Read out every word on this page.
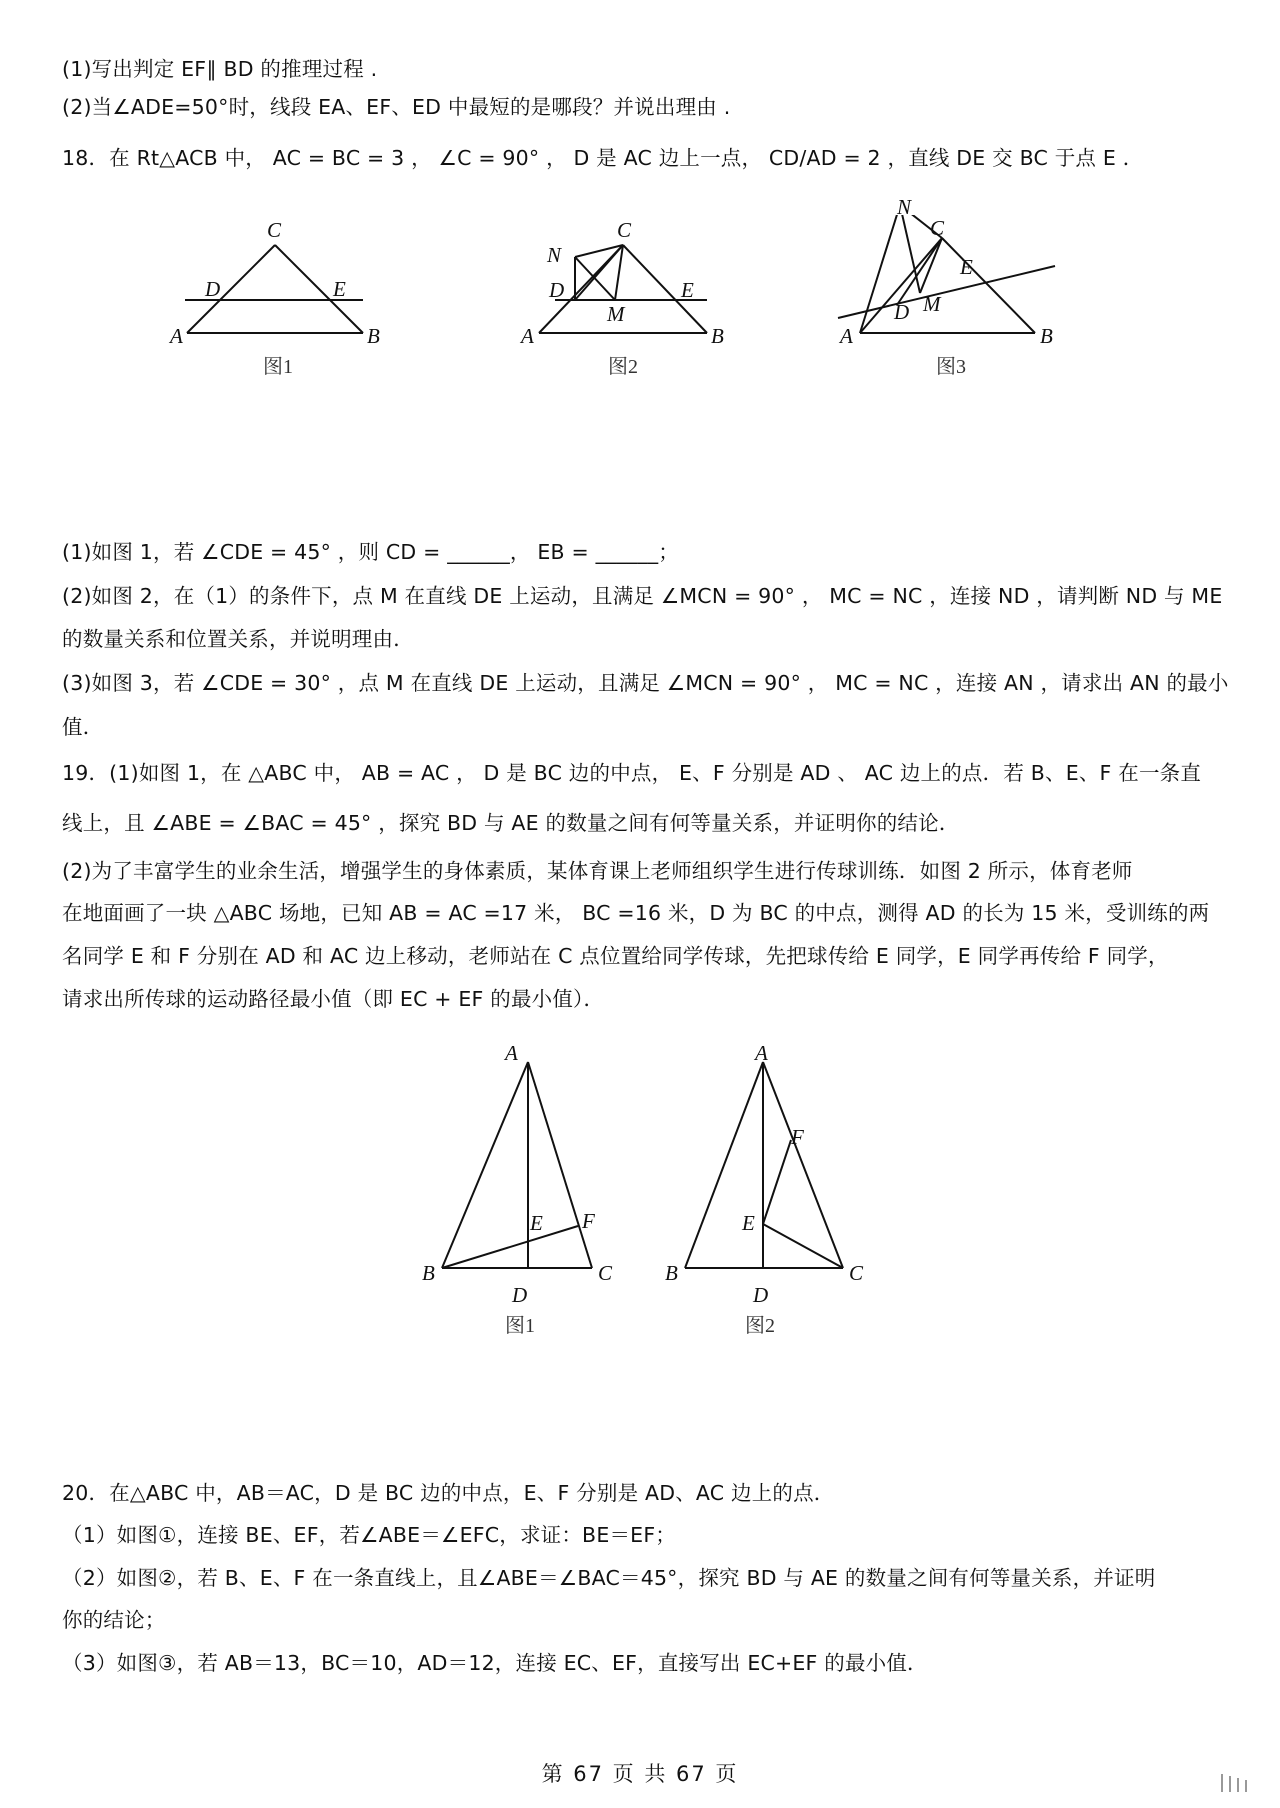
(1)写出判定 EF∥ BD 的推理过程 .
(2)当∠ADE=50°时，线段 EA、EF、ED 中最短的是哪段？并说出理由 .
18．在 Rt△ACB 中， AC = BC = 3 ， ∠C = 90° ， D 是 AC 边上一点， CD/AD = 2 ，直线 DE 交 BC 于点 E ．
C
D	E
A	B
图1
N
D
C
E
M
A	B
图2
A
C
E
D M
B
图3
N
(1)如图 1，若 ∠CDE = 45° ，则 CD = ______， EB = ______；
(2)如图 2，在（1）的条件下，点 M 在直线 DE 上运动，且满足 ∠MCN = 90° ， MC = NC ，连接 ND ，请判断 ND 与 ME
的数量关系和位置关系，并说明理由．
(3)如图 3，若 ∠CDE = 30° ，点 M 在直线 DE 上运动，且满足 ∠MCN = 90° ， MC = NC ，连接 AN ，请求出 AN 的最小
值．
19．(1)如图 1，在 △ABC 中， AB = AC ， D 是 BC 边的中点， E、F 分别是 AD 、 AC 边上的点．若 B、E、F 在一条直
线上，且 ∠ABE = ∠BAC = 45° ，探究 BD 与 AE 的数量之间有何等量关系，并证明你的结论．
(2)为了丰富学生的业余生活，增强学生的身体素质，某体育课上老师组织学生进行传球训练．如图 2 所示，体育老师
在地面画了一块 △ABC 场地，已知 AB = AC =17 米， BC =16 米，D 为 BC 的中点，测得 AD 的长为 15 米，受训练的两
名同学 E 和 F 分别在 AD 和 AC 边上移动，老师站在 C 点位置给同学传球，先把球传给 E 同学，E 同学再传给 F 同学，
请求出所传球的运动路径最小值（即 EC + EF 的最小值）．
A
B	C
D
E F
图1
A
B	C
D
E
F
图2
20．在△ABC 中，AB＝AC，D 是 BC 边的中点，E、F 分别是 AD、AC 边上的点．
（1）如图①，连接 BE、EF，若∠ABE＝∠EFC，求证：BE＝EF；
（2）如图②，若 B、E、F 在一条直线上，且∠ABE＝∠BAC＝45°，探究 BD 与 AE 的数量之间有何等量关系，并证明
你的结论；
（3）如图③，若 AB＝13，BC＝10，AD＝12，连接 EC、EF，直接写出 EC+EF 的最小值．
第 67 页 共 67 页
